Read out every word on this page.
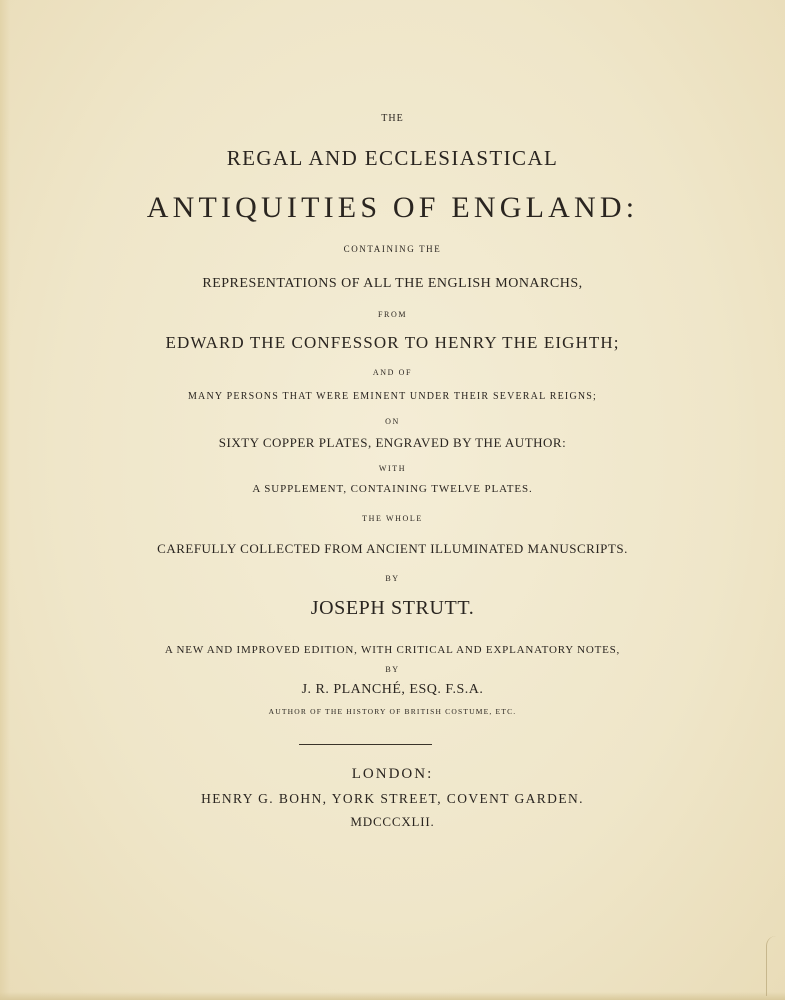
THE
REGAL AND ECCLESIASTICAL
ANTIQUITIES OF ENGLAND:
CONTAINING THE
REPRESENTATIONS OF ALL THE ENGLISH MONARCHS,
FROM
EDWARD THE CONFESSOR TO HENRY THE EIGHTH;
AND OF
MANY PERSONS THAT WERE EMINENT UNDER THEIR SEVERAL REIGNS;
ON
SIXTY COPPER PLATES, ENGRAVED BY THE AUTHOR:
WITH
A SUPPLEMENT, CONTAINING TWELVE PLATES.
THE WHOLE
CAREFULLY COLLECTED FROM ANCIENT ILLUMINATED MANUSCRIPTS.
BY
JOSEPH STRUTT.
A NEW AND IMPROVED EDITION, WITH CRITICAL AND EXPLANATORY NOTES,
BY
J. R. PLANCHÉ, ESQ. F.S.A.
AUTHOR OF THE HISTORY OF BRITISH COSTUME, ETC.
LONDON:
HENRY G. BOHN, YORK STREET, COVENT GARDEN.
MDCCCXLII.
